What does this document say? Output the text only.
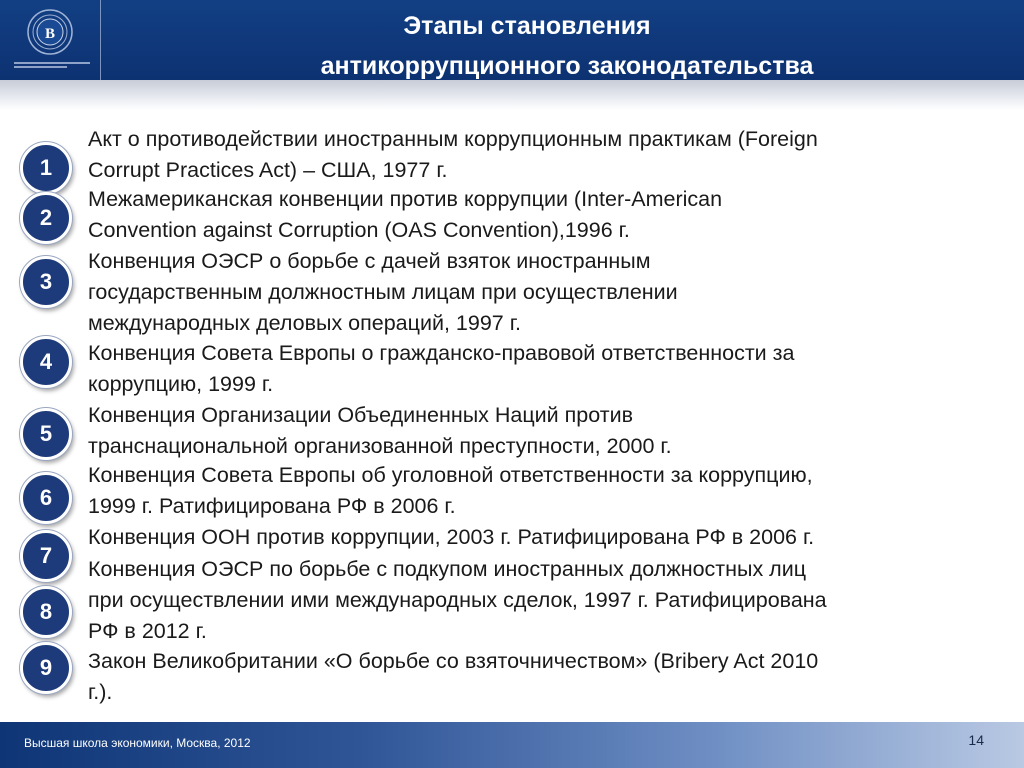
В	Этапы становления
антикоррупционного законодательства
1
Акт о противодействии иностранным коррупционным практикам (Foreign
Corrupt Practices Act) – США, 1977 г.
2
Межамериканская конвенции против коррупции (Inter-American
Convention against Corruption (OAS Convention),1996 г.
3
Конвенция ОЭСР о борьбе с дачей взяток иностранным
государственным должностным лицам при осуществлении
международных деловых операций, 1997 г.
4	Конвенция Совета Европы о гражданско-правовой ответственности за
коррупцию, 1999 г.
5
Конвенция Организации Объединенных Наций против
транснациональной организованной преступности, 2000 г.
6
Конвенция Совета Европы об уголовной ответственности за коррупцию,
1999 г. Ратифицирована РФ в 2006 г.
7
Конвенция ООН против коррупции, 2003 г. Ратифицирована РФ в 2006 г.
8
Конвенция ОЭСР по борьбе с подкупом иностранных должностных лиц
при осуществлении ими международных сделок, 1997 г. Ратифицирована
РФ в 2012 г.
9	Закон Великобритании «О борьбе со взяточничеством» (Bribery Act 2010
г.).
Высшая школа экономики, Москва, 2012	14
